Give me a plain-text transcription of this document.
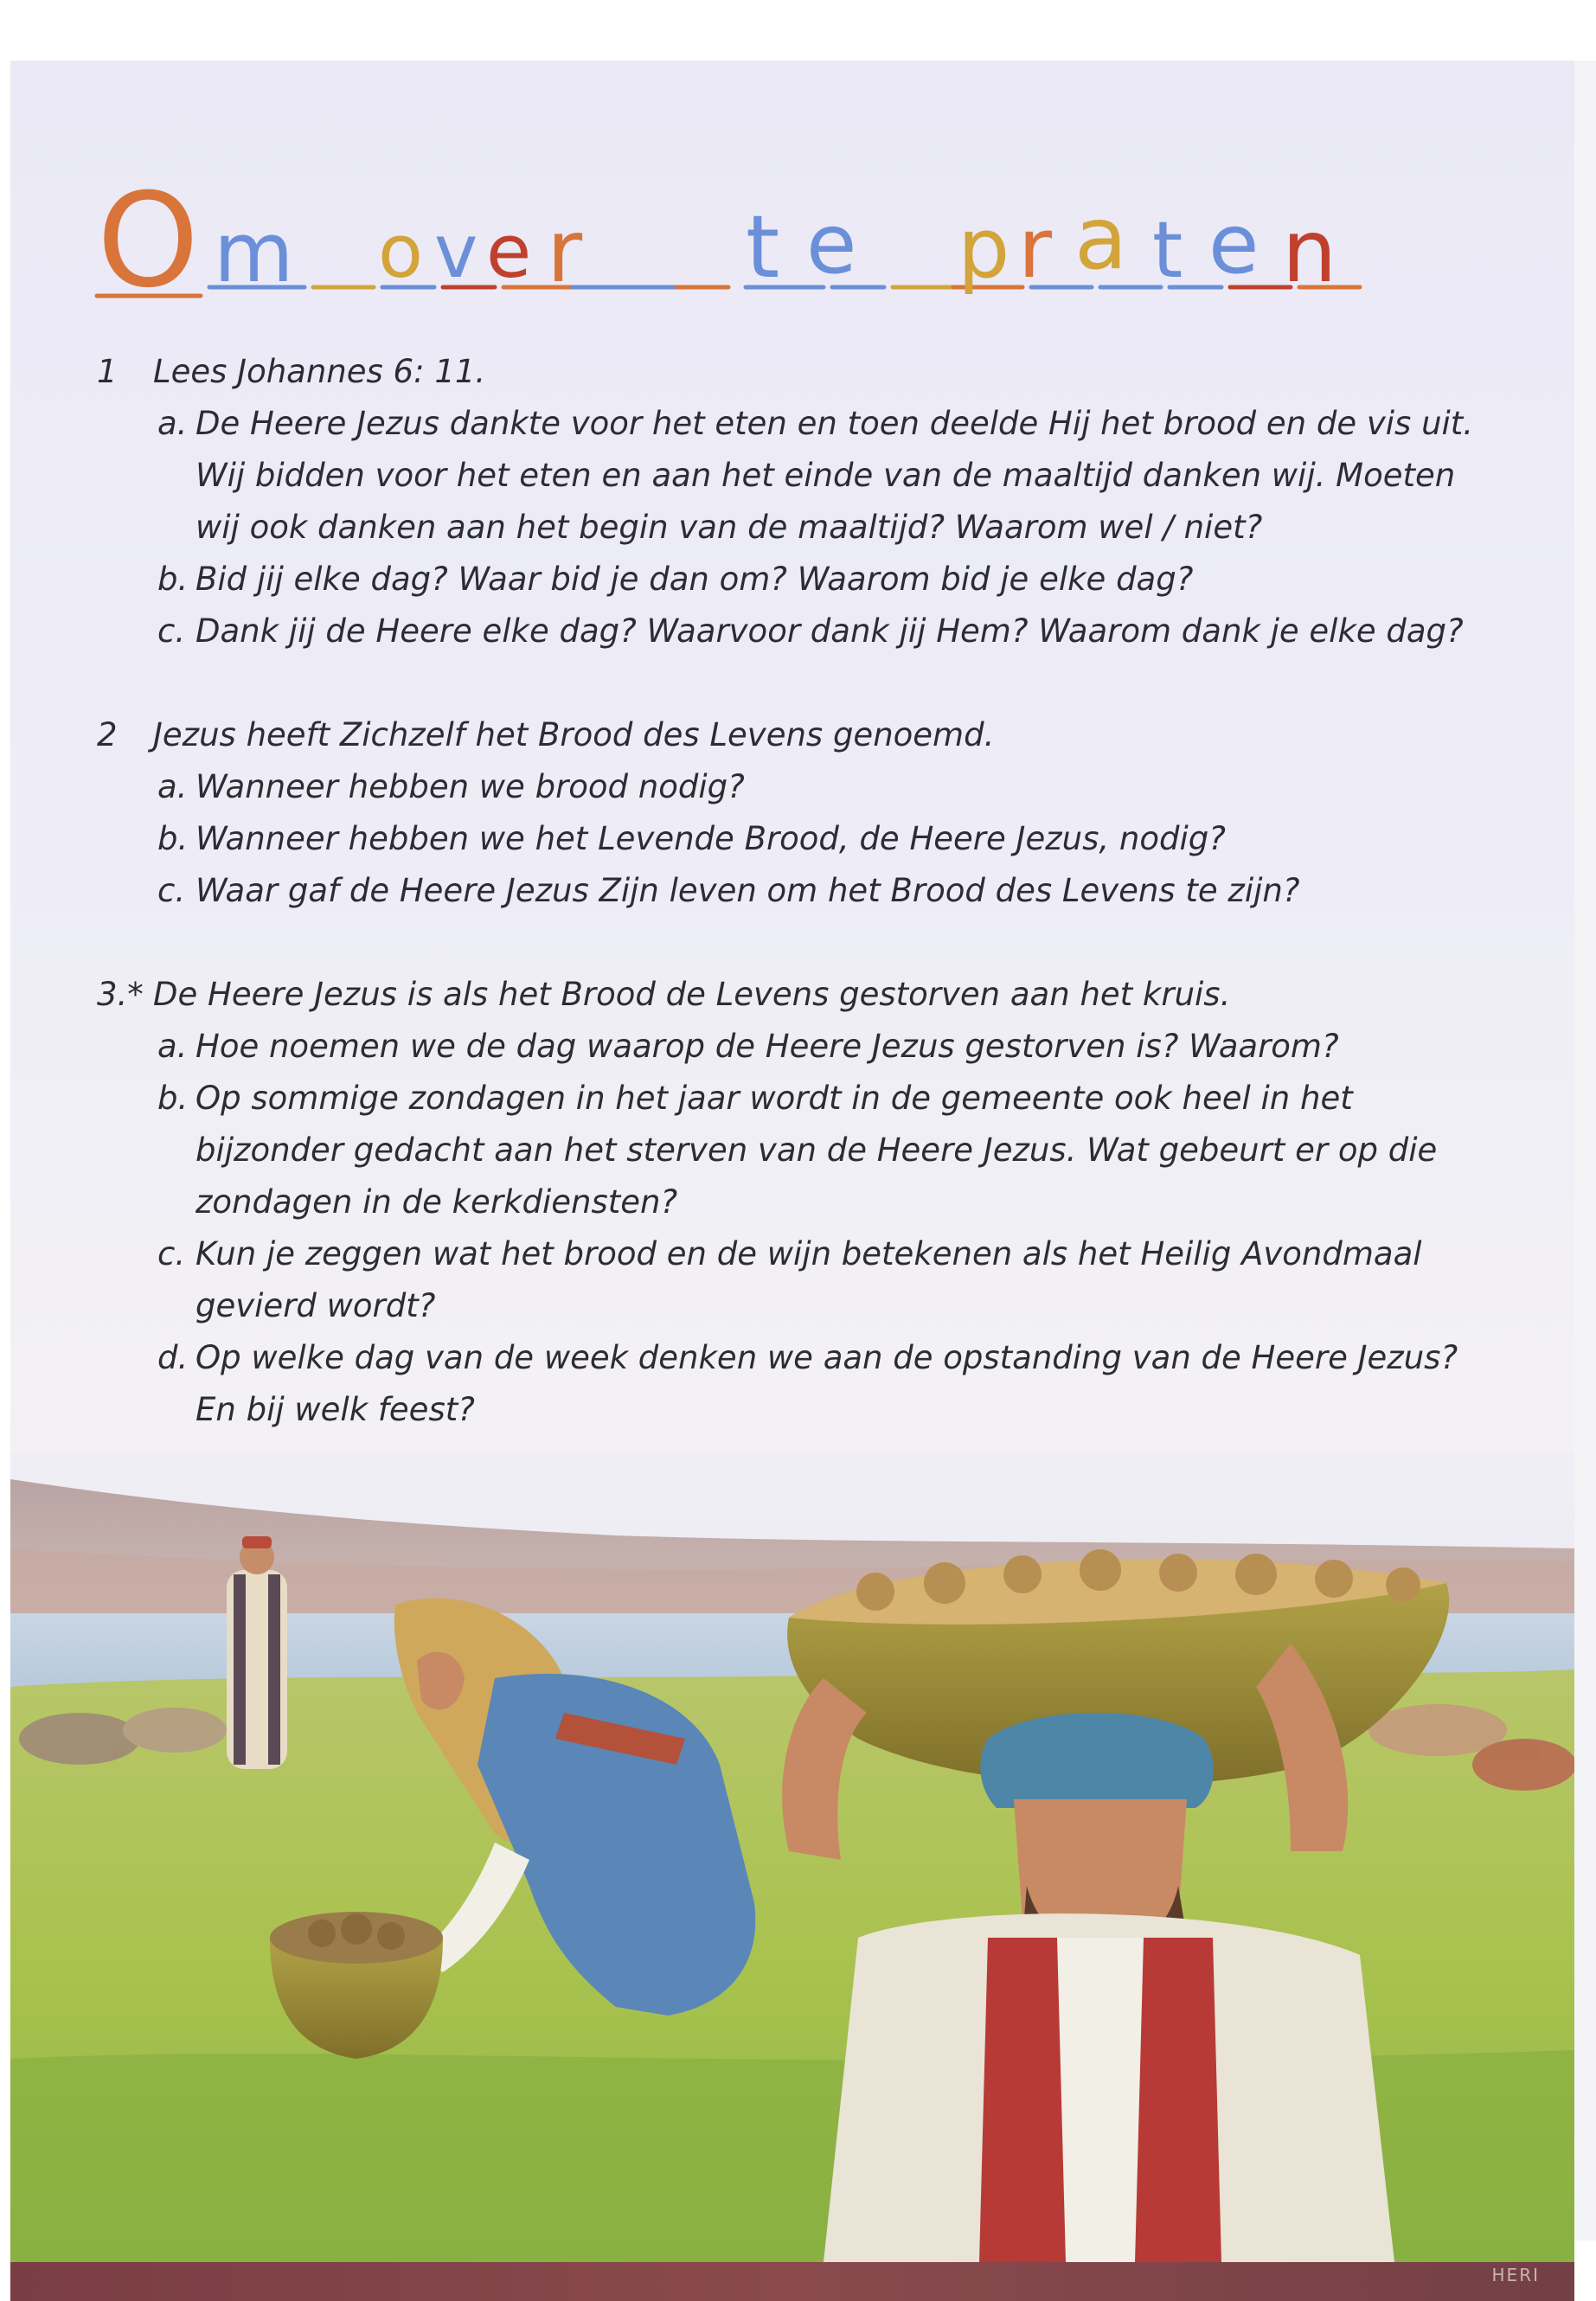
O m o v e r t e p r a t e n
1	Lees Johannes 6: 11.
a. De Heere Jezus dankte voor het eten en toen deelde Hij het brood en de vis uit. Wij bidden voor het eten en aan het einde van de maaltijd danken wij. Moeten wij ook danken aan het begin van de maaltijd? Waarom wel / niet?
b. Bid jij elke dag? Waar bid je dan om? Waarom bid je elke dag?
c. Dank jij de Heere elke dag? Waarvoor dank jij Hem? Waarom dank je elke dag?
2	Jezus heeft Zichzelf het Brood des Levens genoemd.
a. Wanneer hebben we brood nodig?
b. Wanneer hebben we het Levende Brood, de Heere Jezus, nodig?
c. Waar gaf de Heere Jezus Zijn leven om het Brood des Levens te zijn?
3.* De Heere Jezus is als het Brood de Levens gestorven aan het kruis.
a. Hoe noemen we de dag waarop de Heere Jezus gestorven is? Waarom?
b. Op sommige zondagen in het jaar wordt in de gemeente ook heel in het bijzonder gedacht aan het sterven van de Heere Jezus. Wat gebeurt er op die zondagen in de kerkdiensten?
c. Kun je zeggen wat het brood en de wijn betekenen als het Heilig Avondmaal gevierd wordt?
d. Op welke dag van de week denken we aan de opstanding van de Heere Jezus? En bij welk feest?
HERI
